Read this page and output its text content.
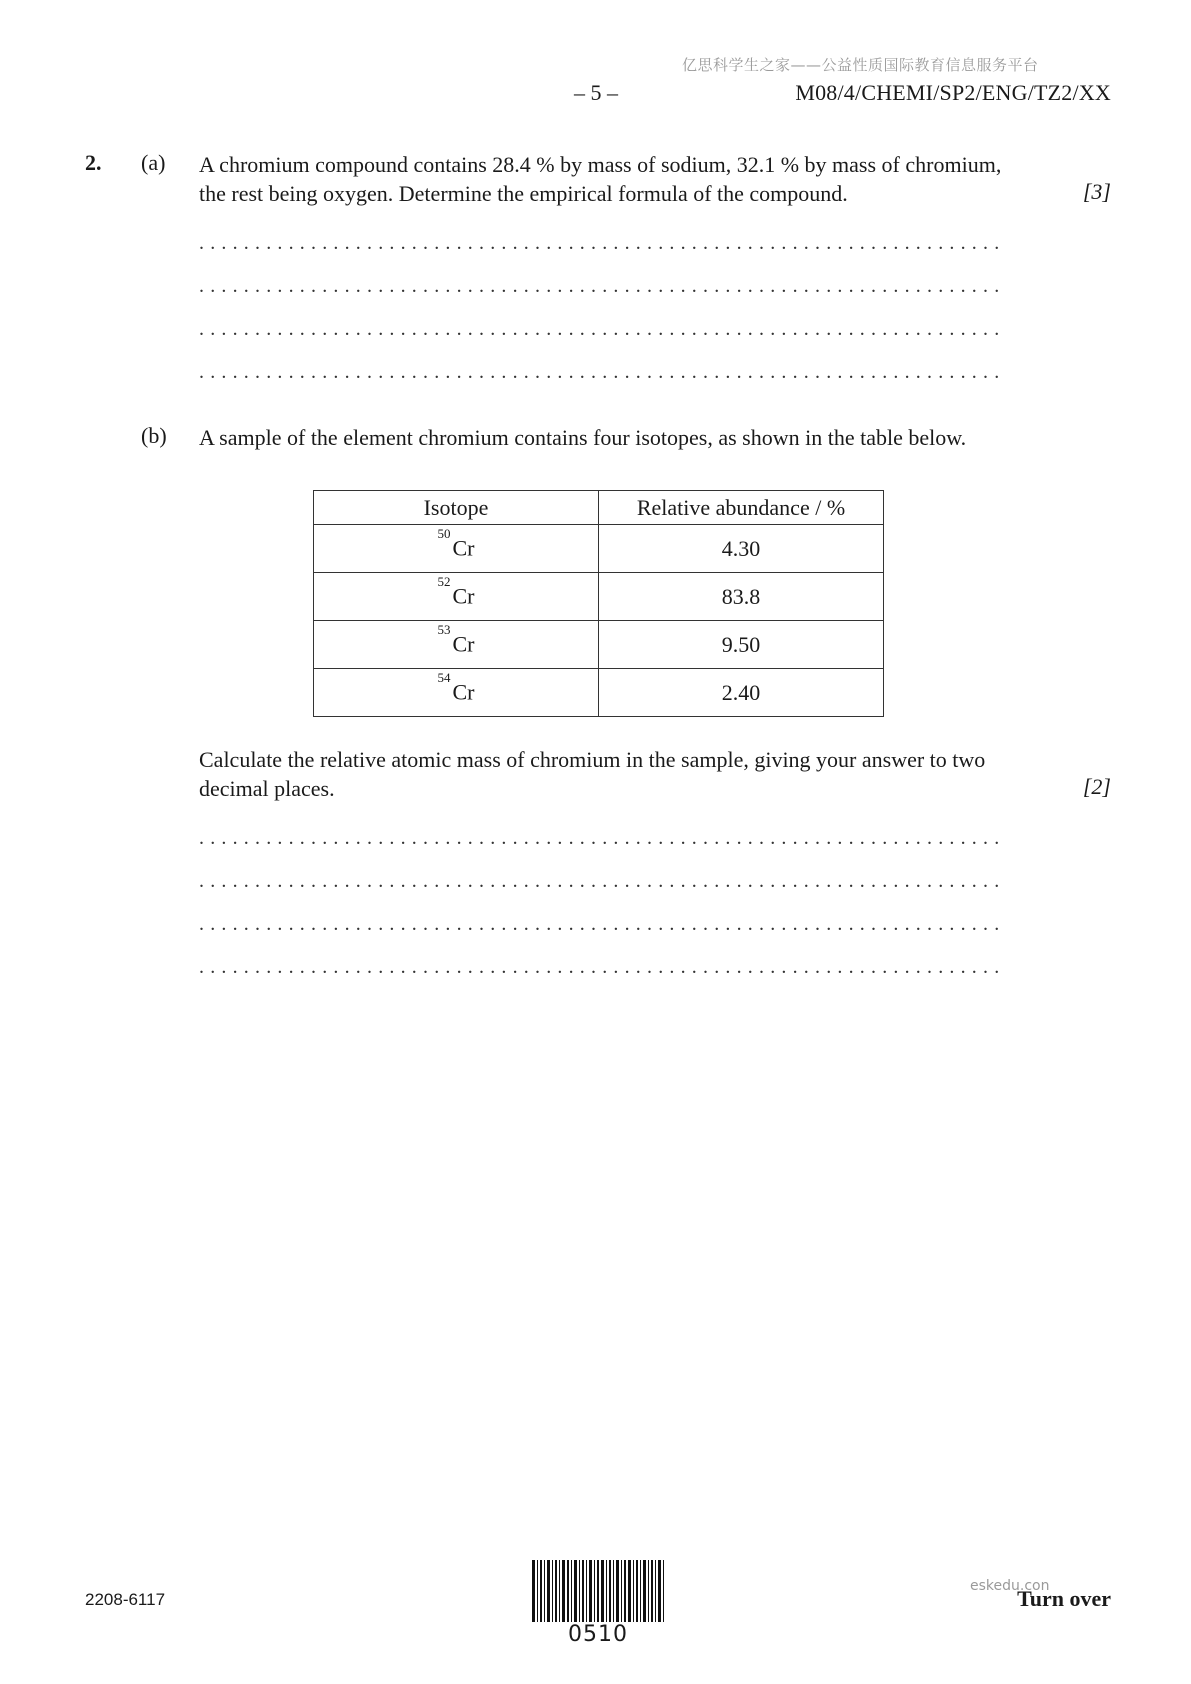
亿思科学生之家——公益性质国际教育信息服务平台
– 5 –	M08/4/CHEMI/SP2/ENG/TZ2/XX
2. (a) A chromium compound contains 28.4 % by mass of sodium, 32.1 % by mass of chromium,
the rest being oxygen. Determine the empirical formula of the compound.	[3]
........................................................................
........................................................................
........................................................................
........................................................................
(b) A sample of the element chromium contains four isotopes, as shown in the table below.
Isotope	Relative abundance / %
$^{50}$Cr	4.30
$^{52}$Cr	83.8
$^{53}$Cr	9.50
$^{54}$Cr	2.40
Calculate the relative atomic mass of chromium in the sample, giving your answer to two
decimal places.	[2]
........................................................................
........................................................................
........................................................................
........................................................................
2208-6117
0510
eskedu.con
Turn over
